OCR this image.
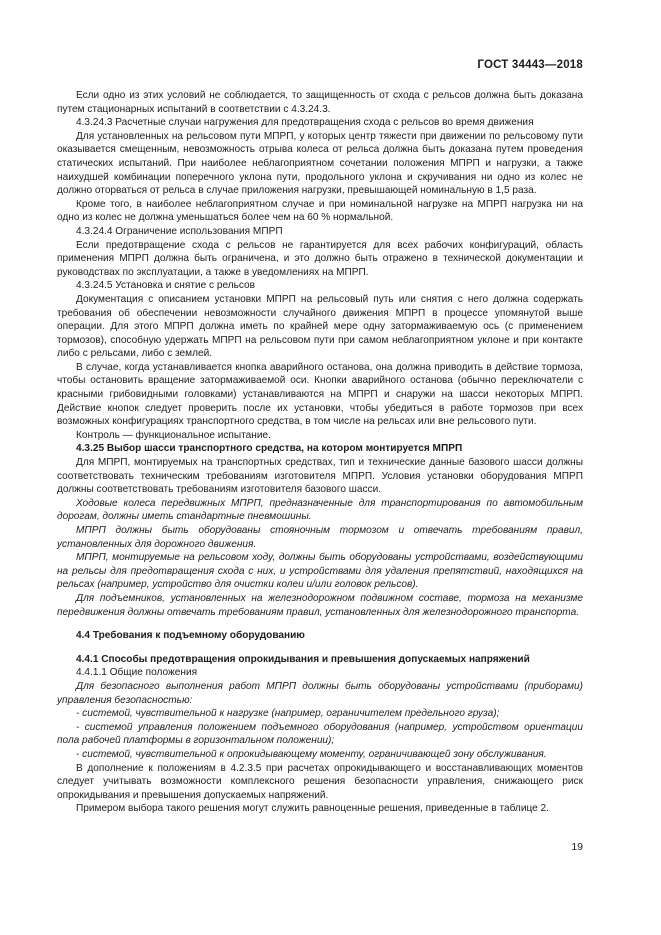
ГОСТ 34443—2018

Если одно из этих условий не соблюдается, то защищенность от схода с рельсов должна быть доказана путем стационарных испытаний в соответствии с 4.3.24.3.

4.3.24.3 Расчетные случаи нагружения для предотвращения схода с рельсов во время движения

Для установленных на рельсовом пути МПРП, у которых центр тяжести при движении по рельсовому пути оказывается смещенным, невозможность отрыва колеса от рельса должна быть доказана путем проведения статических испытаний. При наиболее неблагоприятном сочетании положения МПРП и нагрузки, а также наихудшей комбинации поперечного уклона пути, продольного уклона и скручивания ни одно из колес не должно оторваться от рельса в случае приложения нагрузки, превышающей номинальную в 1,5 раза.

Кроме того, в наиболее неблагоприятном случае и при номинальной нагрузке на МПРП нагрузка ни на одно из колес не должна уменьшаться более чем на 60 % нормальной.

4.3.24.4 Ограничение использования МПРП

Если предотвращение схода с рельсов не гарантируется для всех рабочих конфигураций, область применения МПРП должна быть ограничена, и это должно быть отражено в технической документации и руководствах по эксплуатации, а также в уведомлениях на МПРП.

4.3.24.5 Установка и снятие с рельсов

Документация с описанием установки МПРП на рельсовый путь или снятия с него должна содержать требования об обеспечении невозможности случайного движения МПРП в процессе упомянутой выше операции. Для этого МПРП должна иметь по крайней мере одну затормаживаемую ось (с применением тормозов), способную удержать МПРП на рельсовом пути при самом неблагоприятном уклоне и при контакте либо с рельсами, либо с землей.

В случае, когда устанавливается кнопка аварийного останова, она должна приводить в действие тормоза, чтобы остановить вращение затормаживаемой оси. Кнопки аварийного останова (обычно переключатели с красными грибовидными головками) устанавливаются на МПРП и снаружи на шасси некоторых МПРП. Действие кнопок следует проверить после их установки, чтобы убедиться в работе тормозов при всех возможных конфигурациях транспортного средства, в том числе на рельсах или вне рельсового пути.

Контроль — функциональное испытание.

4.3.25 Выбор шасси транспортного средства, на котором монтируется МПРП

Для МПРП, монтируемых на транспортных средствах, тип и технические данные базового шасси должны соответствовать техническим требованиям изготовителя МПРП. Условия установки оборудования МПРП должны соответствовать требованиям изготовителя базового шасси.

Ходовые колеса передвижных МПРП, предназначенные для транспортирования по автомобильным дорогам, должны иметь стандартные пневмошины.

МПРП должны быть оборудованы стояночным тормозом и отвечать требованиям правил, установленных для дорожного движения.

МПРП, монтируемые на рельсовом ходу, должны быть оборудованы устройствами, воздействующими на рельсы для предотвращения схода с них, и устройствами для удаления препятствий, находящихся на рельсах (например, устройство для очистки колеи и/или головок рельсов).

Для подъемников, установленных на железнодорожном подвижном составе, тормоза на механизме передвижения должны отвечать требованиям правил, установленных для железнодорожного транспорта.

4.4 Требования к подъемному оборудованию

4.4.1 Способы предотвращения опрокидывания и превышения допускаемых напряжений

4.4.1.1 Общие положения

Для безопасного выполнения работ МПРП должны быть оборудованы устройствами (приборами) управления безопасностью:

- системой, чувствительной к нагрузке (например, ограничителем предельного груза);

- системой управления положением подъемного оборудования (например, устройством ориентации пола рабочей платформы в горизонтальном положении);

- системой, чувствительной к опрокидывающему моменту, ограничивающей зону обслуживания.

В дополнение к положениям в 4.2.3.5 при расчетах опрокидывающего и восстанавливающих моментов следует учитывать возможности комплексного решения безопасности управления, снижающего риск опрокидывания и превышения допускаемых напряжений.

Примером выбора такого решения могут служить равноценные решения, приведенные в таблице 2.

19
